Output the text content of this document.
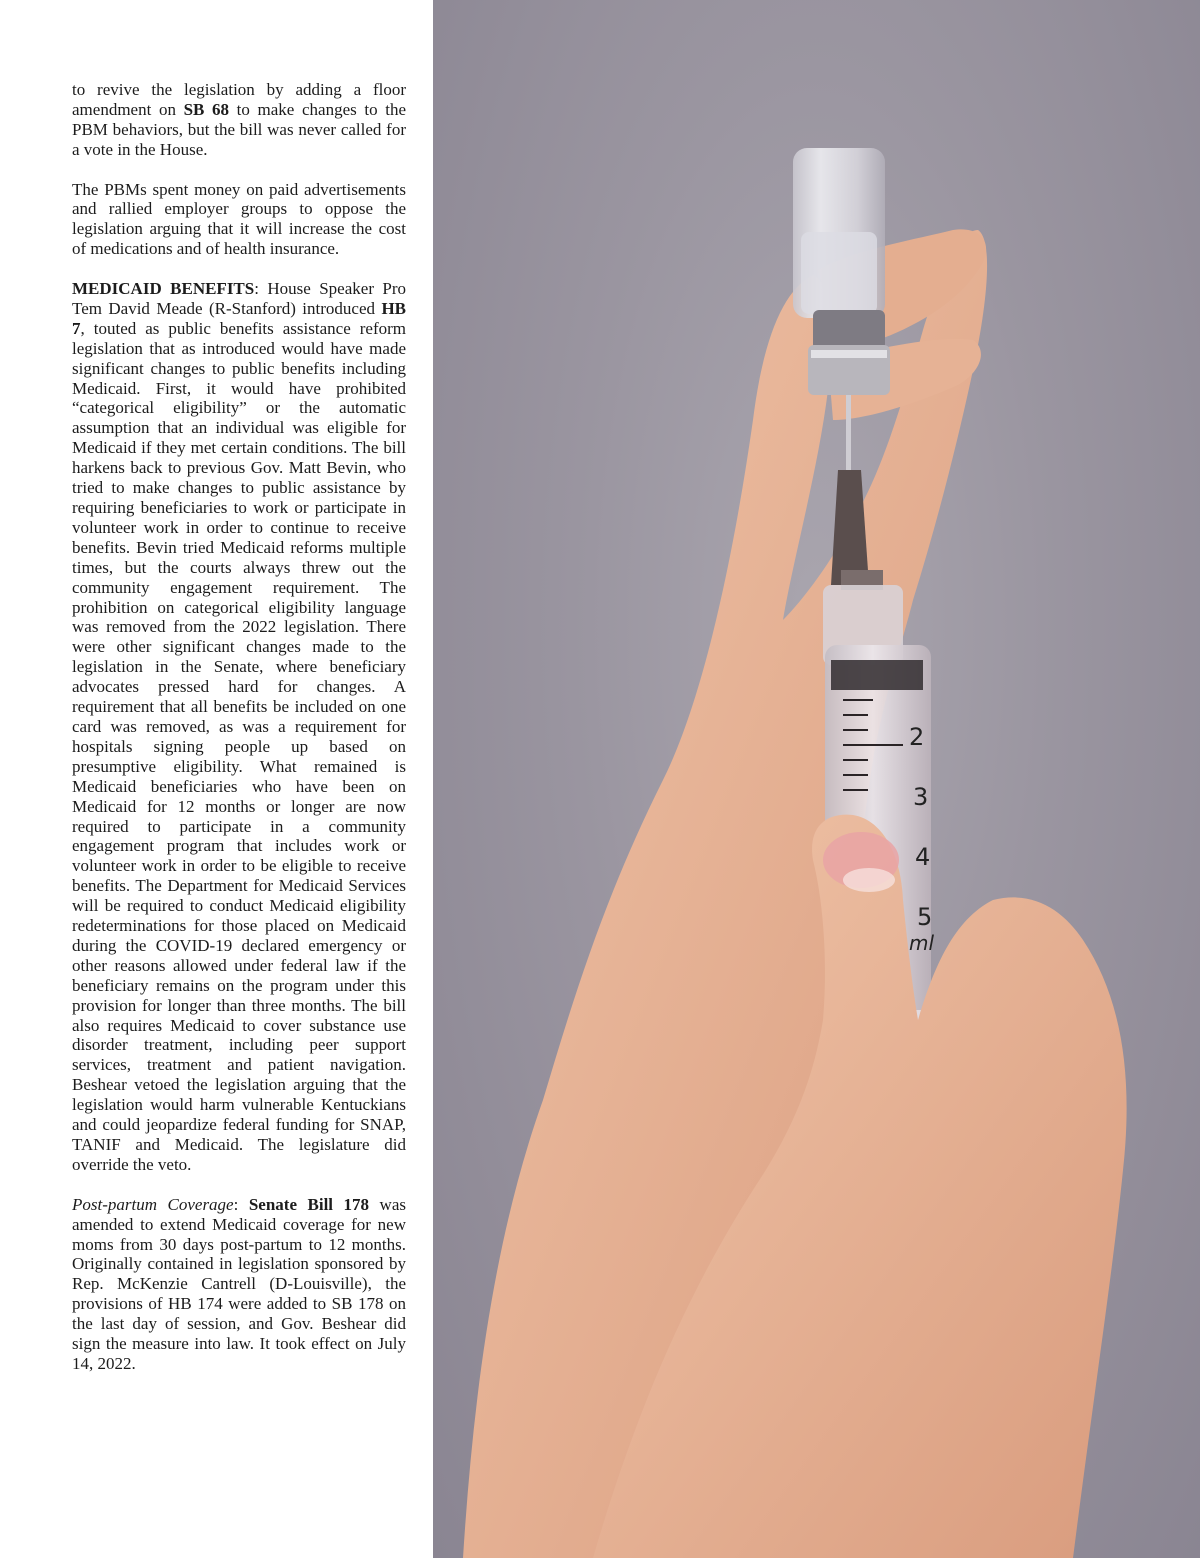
to revive the legislation by adding a floor amendment on SB 68 to make changes to the PBM behaviors, but the bill was never called for a vote in the House.

The PBMs spent money on paid advertisements and rallied employer groups to oppose the legislation arguing that it will increase the cost of medications and of health insurance.

MEDICAID BENEFITS: House Speaker Pro Tem David Meade (R-Stanford) introduced HB 7, touted as public benefits assistance reform legislation that as introduced would have made significant changes to public benefits including Medicaid. First, it would have prohibited “categorical eligibility” or the automatic assumption that an individual was eligible for Medicaid if they met certain conditions. The bill harkens back to previous Gov. Matt Bevin, who tried to make changes to public assistance by requiring beneficiaries to work or participate in volunteer work in order to continue to receive benefits. Bevin tried Medicaid reforms multiple times, but the courts always threw out the community engagement requirement. The prohibition on categorical eligibility language was removed from the 2022 legislation. There were other significant changes made to the legislation in the Senate, where beneficiary advocates pressed hard for changes. A requirement that all benefits be included on one card was removed, as was a requirement for hospitals signing people up based on presumptive eligibility. What remained is Medicaid beneficiaries who have been on Medicaid for 12 months or longer are now required to participate in a community engagement program that includes work or volunteer work in order to be eligible to receive benefits. The Department for Medicaid Services will be required to conduct Medicaid eligibility redeterminations for those placed on Medicaid during the COVID-19 declared emergency or other reasons allowed under federal law if the beneficiary remains on the program under this provision for longer than three months. The bill also requires Medicaid to cover substance use disorder treatment, including peer support services, treatment and patient navigation. Beshear vetoed the legislation arguing that the legislation would harm vulnerable Kentuckians and could jeopardize federal funding for SNAP, TANIF and Medicaid. The legislature did override the veto.

Post-partum Coverage: Senate Bill 178 was amended to extend Medicaid coverage for new moms from 30 days post-partum to 12 months. Originally contained in legislation sponsored by Rep. McKenzie Cantrell (D-Louisville), the provisions of HB 174 were added to SB 178 on the last day of session, and Gov. Beshear did sign the measure into law. It took effect on July 14, 2022.

2
3
4
5
ml
